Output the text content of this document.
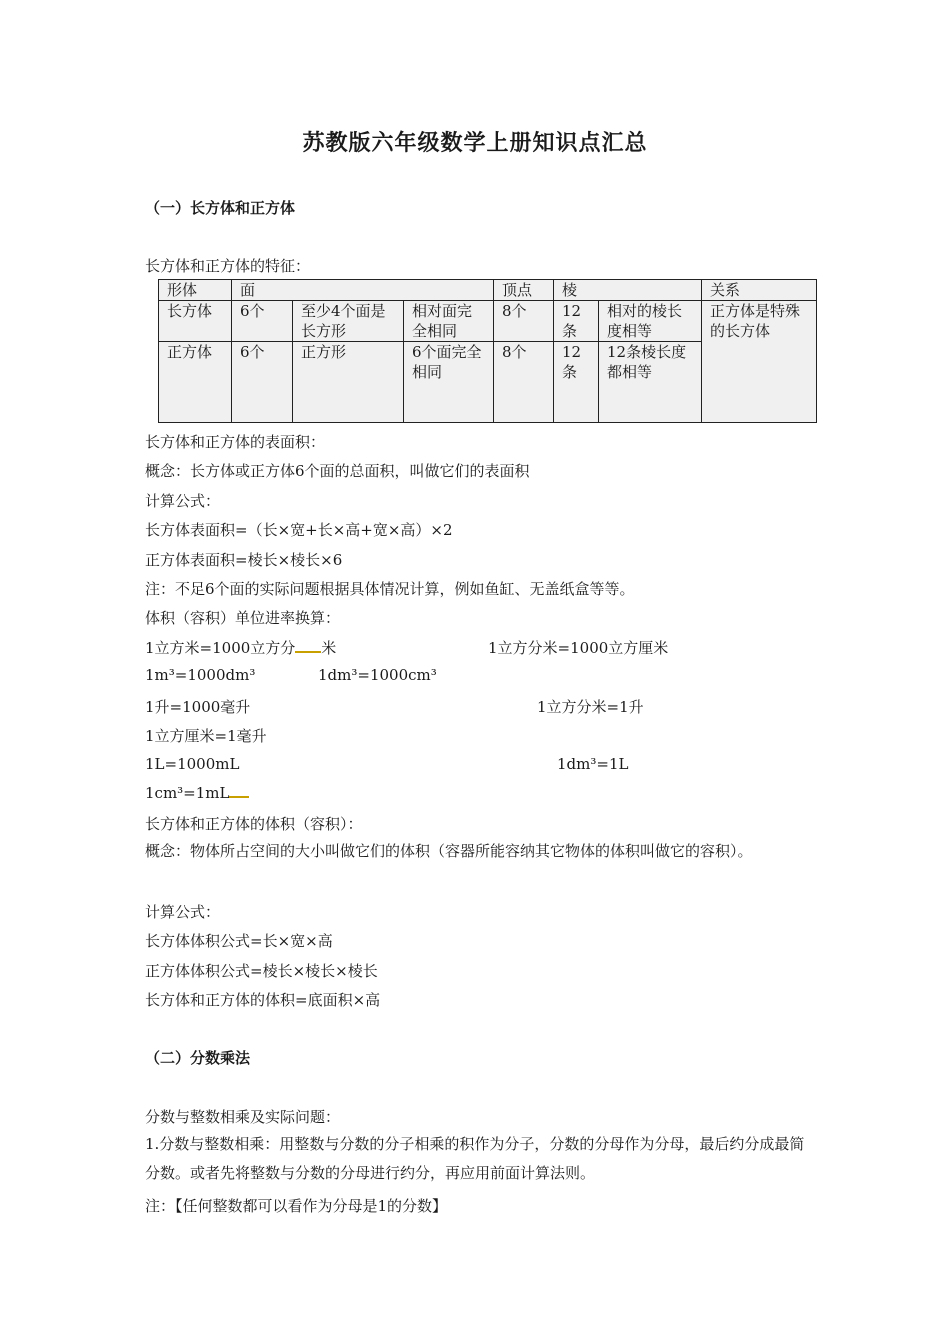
苏教版六年级数学上册知识点汇总
（一）长方体和正方体
长方体和正方体的特征：
形体	面			顶点	棱		关系
长方体	6个	至少4个面是长方形	相对面完全相同	8个	12条	相对的棱长度相等	正方体是特殊的长方体
正方体	6个	正方形	6个面完全相同	8个	12条	12条棱长度都相等	
长方体和正方体的表面积：
概念：长方体或正方体6个面的总面积，叫做它们的表面积
计算公式：
长方体表面积=（长×宽+长×高+宽×高）×2
正方体表面积=棱长×棱长×6
注：不足6个面的实际问题根据具体情况计算，例如鱼缸、无盖纸盒等等。
体积（容积）单位进率换算：
1立方米=1000立方分 米	1立方分米=1000立方厘米
1m³=1000dm³	1dm³=1000cm³
1升=1000毫升	1立方分米=1升
1立方厘米=1毫升
1L=1000mL	1dm³=1L
1cm³=1mL
长方体和正方体的体积（容积）：
概念：物体所占空间的大小叫做它们的体积（容器所能容纳其它物体的体积叫做它的容积）。
计算公式：
长方体体积公式=长×宽×高
正方体体积公式=棱长×棱长×棱长
长方体和正方体的体积=底面积×高
（二）分数乘法
分数与整数相乘及实际问题：
1.分数与整数相乘：用整数与分数的分子相乘的积作为分子，分数的分母作为分母，最后约分成最简分数。或者先将整数与分数的分母进行约分，再应用前面计算法则。
注：【任何整数都可以看作为分母是1的分数】
